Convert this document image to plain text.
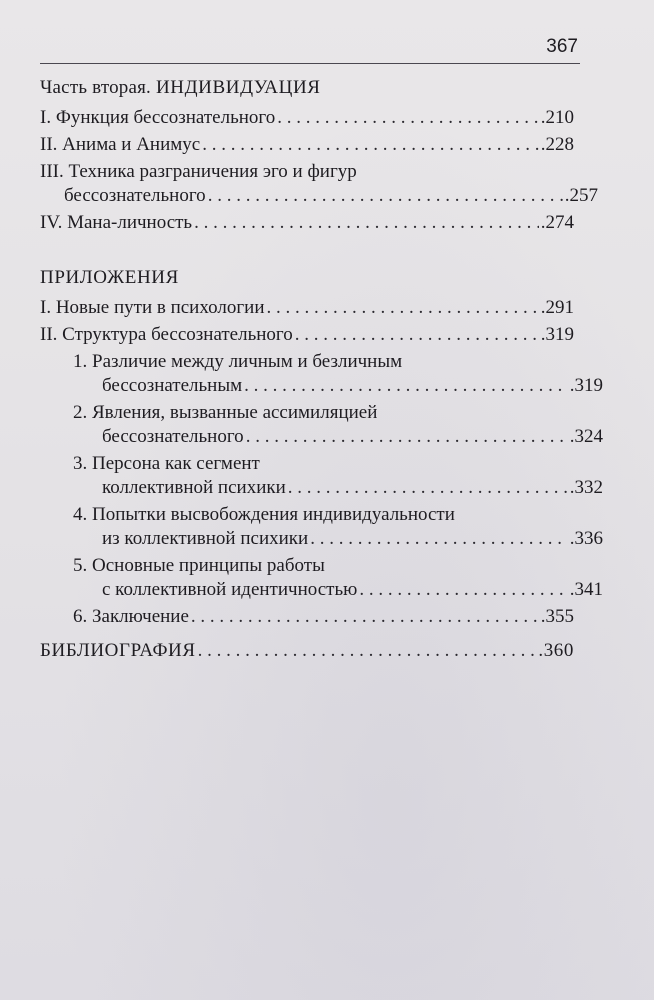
367
Часть вторая. ИНДИВИДУАЦИЯ
I. Функция бессознательного . . .	.210
II. Анима и Анимус . . .	.228
III. Техника разграничения эго и фигур
бессознательного . . .	.257
IV. Мана-личность . . .	.274
ПРИЛОЖЕНИЯ
I. Новые пути в психологии . . .	.291
II. Структура бессознательного . . .	.319
1. Различие между личным и безличным
бессознательным . . .	.319
2. Явления, вызванные ассимиляцией
бессознательного . . .	.324
3. Персона как сегмент
коллективной психики . . .	.332
4. Попытки высвобождения индивидуальности
из коллективной психики . . .	.336
5. Основные принципы работы
с коллективной идентичностью . . .	.341
6. Заключение . . .	.355
БИБЛИОГРАФИЯ . . .	.360
